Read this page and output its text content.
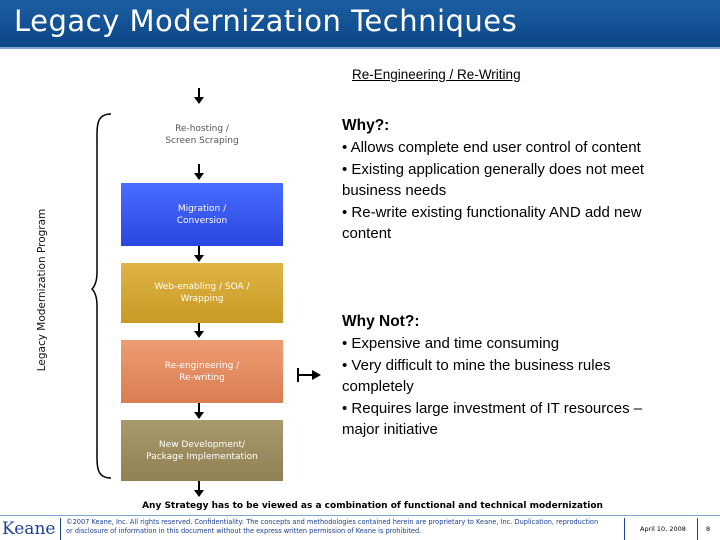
Legacy Modernization Techniques
Re-Engineering / Re-Writing
Legacy Modernization Program
Re-hosting /
Screen Scraping
Migration /
Conversion
Web-enabling / SOA /
Wrapping
Re-engineering /
Re-writing
New Development/
Package Implementation
Why?:
• Allows complete end user control of content
• Existing application generally does not meet business needs
• Re-write existing functionality AND add new content
Why Not?:
• Expensive and time consuming
• Very difficult to mine the business rules completely
• Requires large investment of IT resources – major initiative
Any Strategy has to be viewed as a combination of functional and technical modernization
Keane ©2007 Keane, Inc. All rights reserved. Confidentiality: The concepts and methodologies contained herein are proprietary to Keane, Inc. Duplication, reproduction or disclosure of information in this document without the express written permission of Keane is prohibited.	April 10, 2008	8
